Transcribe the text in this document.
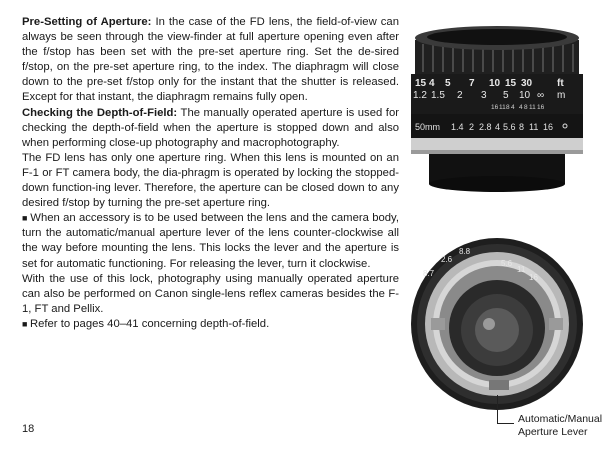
Pre-Setting of Aperture: In the case of the FD lens, the field-of-view can always be seen through the view-finder at full aperture opening even after the f/stop has been set with the pre-set aperture ring. Set the de-sired f/stop, on the pre-set aperture ring, to the index. The diaphragm will close down to the pre-set f/stop only for the instant that the shutter is released. Except for that instant, the diaphragm remains fully open.

Checking the Depth-of-Field: The manually operated aperture is used for checking the depth-of-field when the aperture is stopped down and also when performing close-up photography and macrophotography.

The FD lens has only one aperture ring. When this lens is mounted on an F-1 or FT camera body, the dia-phragm is operated by locking the stopped-down function-ing lever. Therefore, the aperture can be closed down to any desired f/stop by turning the pre-set aperture ring.

■ When an accessory is to be used between the lens and the camera body, turn the automatic/manual aperture lever of the lens counter-clockwise all the way before mounting the lens. This locks the lever and the aperture is set for automatic functioning. For releasing the lever, turn it clockwise.

With the use of this lock, photography using manually operated aperture can also be performed on Canon single-lens reflex cameras besides the F-1, FT and Pellix.

■ Refer to pages 40–41 concerning depth-of-field.

18
15 4 5 7 10 15 30 ft
1.2 1.5 2 3 5 10 ∞ m
16 11 8 4 4 8 11 16
50mm 1.4 2 2.8 4 5.6 8 11 16
8.7
2.6
8.8
5.6
11
16
Automatic/Manual
Aperture Lever
